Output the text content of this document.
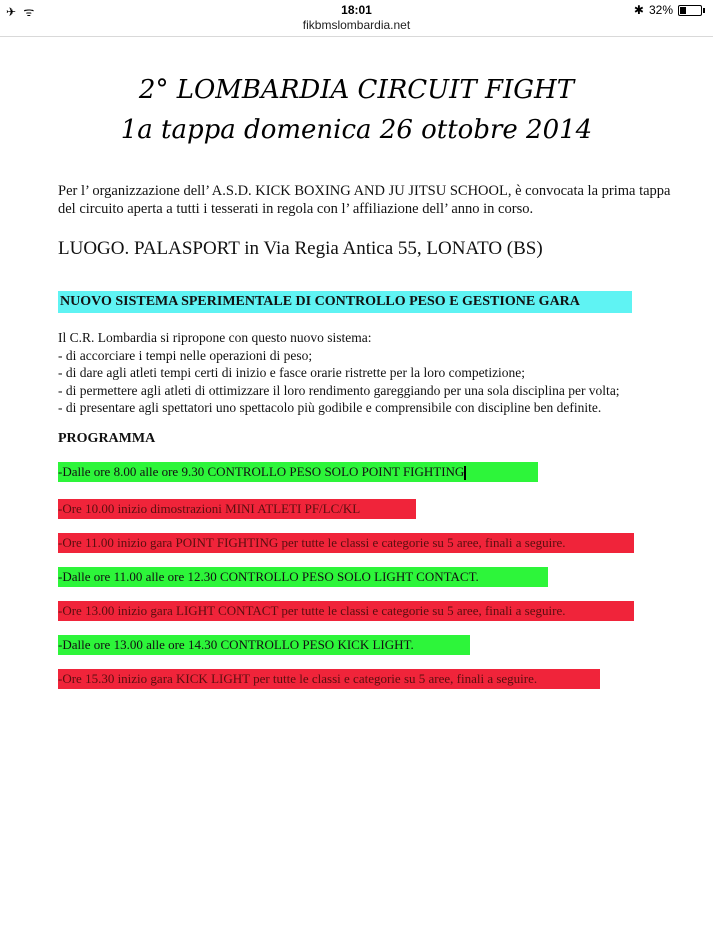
✈ ᯤ	18:01	✱ 32%
fikbmslombardia.net
2° LOMBARDIA CIRCUIT FIGHT
1a tappa domenica 26 ottobre 2014
Per l’ organizzazione dell’ A.S.D. KICK BOXING AND JU JITSU SCHOOL, è convocata la prima tappa del circuito aperta a tutti i tesserati in regola con l’ affiliazione dell’ anno in corso.
LUOGO. PALASPORT in Via Regia Antica 55, LONATO (BS)
NUOVO SISTEMA SPERIMENTALE DI CONTROLLO PESO E GESTIONE GARA
Il C.R. Lombardia si ripropone con questo nuovo sistema:
- di accorciare i tempi nelle operazioni di peso;
- di dare agli atleti tempi certi di inizio e fasce orarie ristrette per la loro competizione;
- di permettere agli atleti di ottimizzare il loro rendimento gareggiando per una sola disciplina per volta;
- di presentare agli spettatori uno spettacolo più godibile e comprensibile con discipline ben definite.
PROGRAMMA
-Dalle ore 8.00 alle ore 9.30 CONTROLLO PESO SOLO POINT FIGHTING
-Ore 10.00 inizio dimostrazioni MINI ATLETI PF/LC/KL
-Ore 11.00 inizio gara POINT FIGHTING per tutte le classi e categorie su 5 aree, finali a seguire.
-Dalle ore 11.00 alle ore 12.30 CONTROLLO PESO SOLO LIGHT CONTACT.
-Ore 13.00 inizio gara LIGHT CONTACT per tutte le classi e categorie su 5 aree, finali a seguire.
-Dalle ore 13.00 alle ore 14.30 CONTROLLO PESO KICK LIGHT.
-Ore 15.30 inizio gara KICK LIGHT per tutte le classi e categorie su 5 aree, finali a seguire.
